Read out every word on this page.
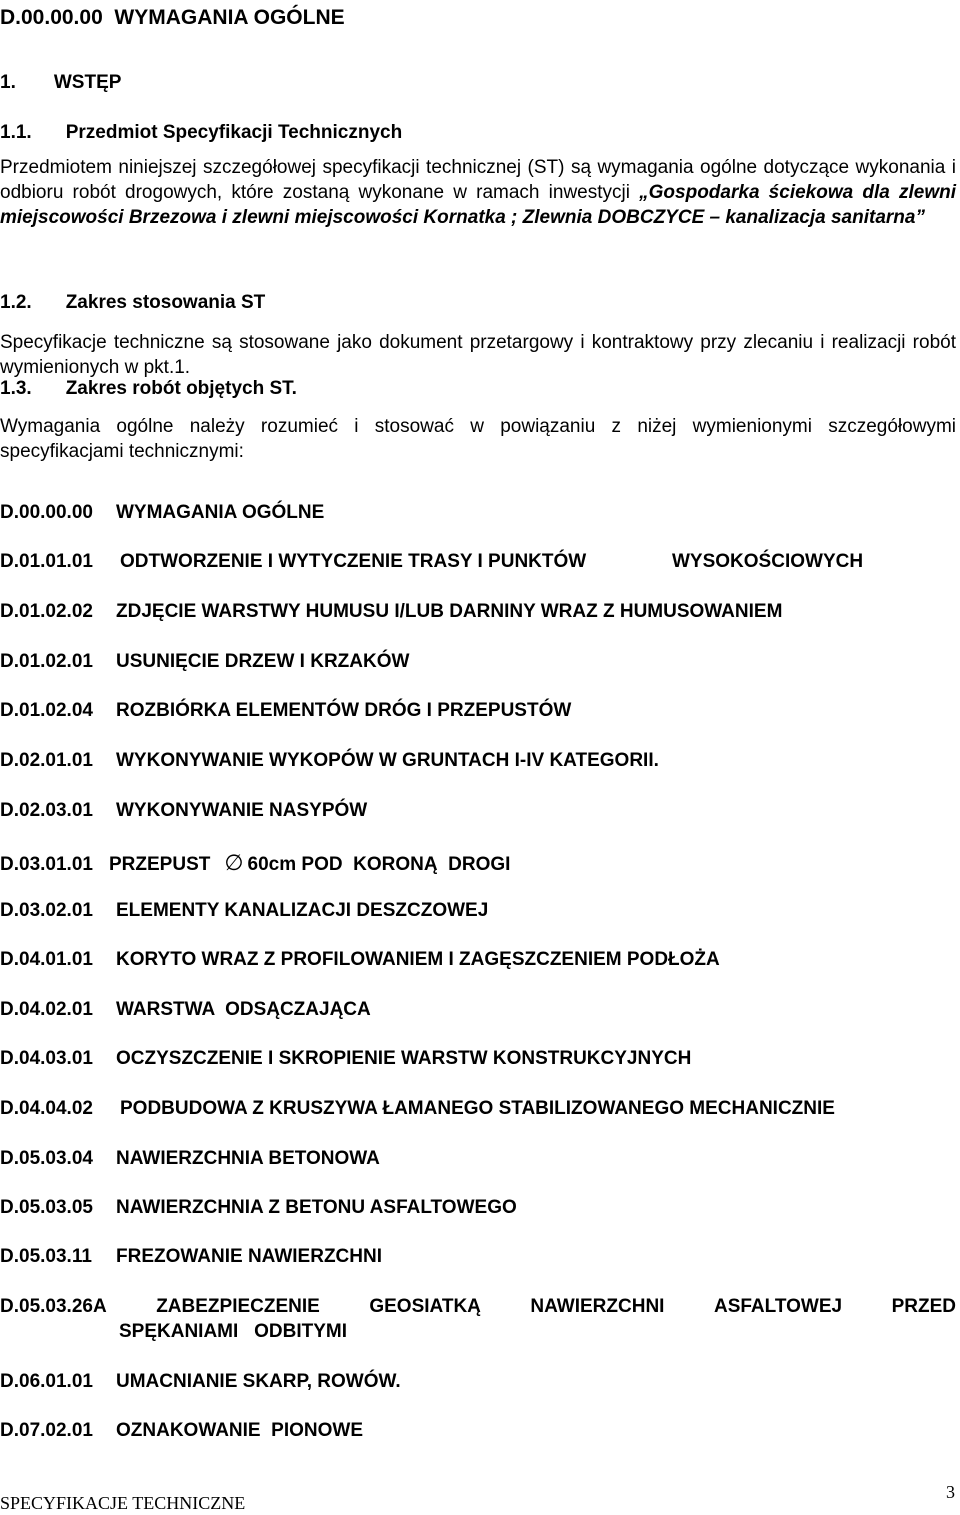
D.00.00.00 WYMAGANIA OGÓLNE
1. WSTĘP
1.1. Przedmiot Specyfikacji Technicznych
Przedmiotem niniejszej szczegółowej specyfikacji technicznej (ST) są wymagania ogólne dotyczące wykonania i odbioru robót drogowych, które zostaną wykonane w ramach inwestycji „Gospodarka ściekowa dla zlewni miejscowości Brzezowa i zlewni miejscowości Kornatka ; Zlewnia DOBCZYCE – kanalizacja sanitarna”
1.2. Zakres stosowania ST
Specyfikacje techniczne są stosowane jako dokument przetargowy i kontraktowy przy zlecaniu i realizacji robót wymienionych w pkt.1.
1.3. Zakres robót objętych ST.
Wymagania ogólne należy rozumieć i stosować w powiązaniu z niżej wymienionymi szczegółowymi specyfikacjami technicznymi:
D.00.00.00 WYMAGANIA OGÓLNE
D.01.01.01 ODTWORZENIE I WYTYCZENIE TRASY I PUNKTÓW	WYSOKOŚCIOWYCH
D.01.02.02 ZDJĘCIE WARSTWY HUMUSU I/LUB DARNINY WRAZ Z HUMUSOWANIEM
D.01.02.01 USUNIĘCIE DRZEW I KRZAKÓW
D.01.02.04 ROZBIÓRKA ELEMENTÓW DRÓG I PRZEPUSTÓW
D.02.01.01 WYKONYWANIE WYKOPÓW W GRUNTACH I-IV KATEGORII.
D.02.03.01 WYKONYWANIE NASYPÓW
D.03.01.01 PRZEPUST ∅ 60cm POD  KORONĄ  DROGI
D.03.02.01 ELEMENTY KANALIZACJI DESZCZOWEJ
D.04.01.01 KORYTO WRAZ Z PROFILOWANIEM I ZAGĘSZCZENIEM PODŁOŻA
D.04.02.01 WARSTWA  ODSĄCZAJĄCA
D.04.03.01 OCZYSZCZENIE I SKROPIENIE WARSTW KONSTRUKCYJNYCH
D.04.04.02 PODBUDOWA Z KRUSZYWA ŁAMANEGO STABILIZOWANEGO MECHANICZNIE
D.05.03.04 NAWIERZCHNIA BETONOWA
D.05.03.05 NAWIERZCHNIA Z BETONU ASFALTOWEGO
D.05.03.11 FREZOWANIE NAWIERZCHNI
D.05.03.26A	ZABEZPIECZENIE	GEOSIATKĄ	NAWIERZCHNI	ASFALTOWEJ	PRZED
SPĘKANIAMI   ODBITYMI
D.06.01.01 UMACNIANIE SKARP, ROWÓW.
D.07.02.01 OZNAKOWANIE  PIONOWE
SPECYFIKACJE TECHNICZNE
3
